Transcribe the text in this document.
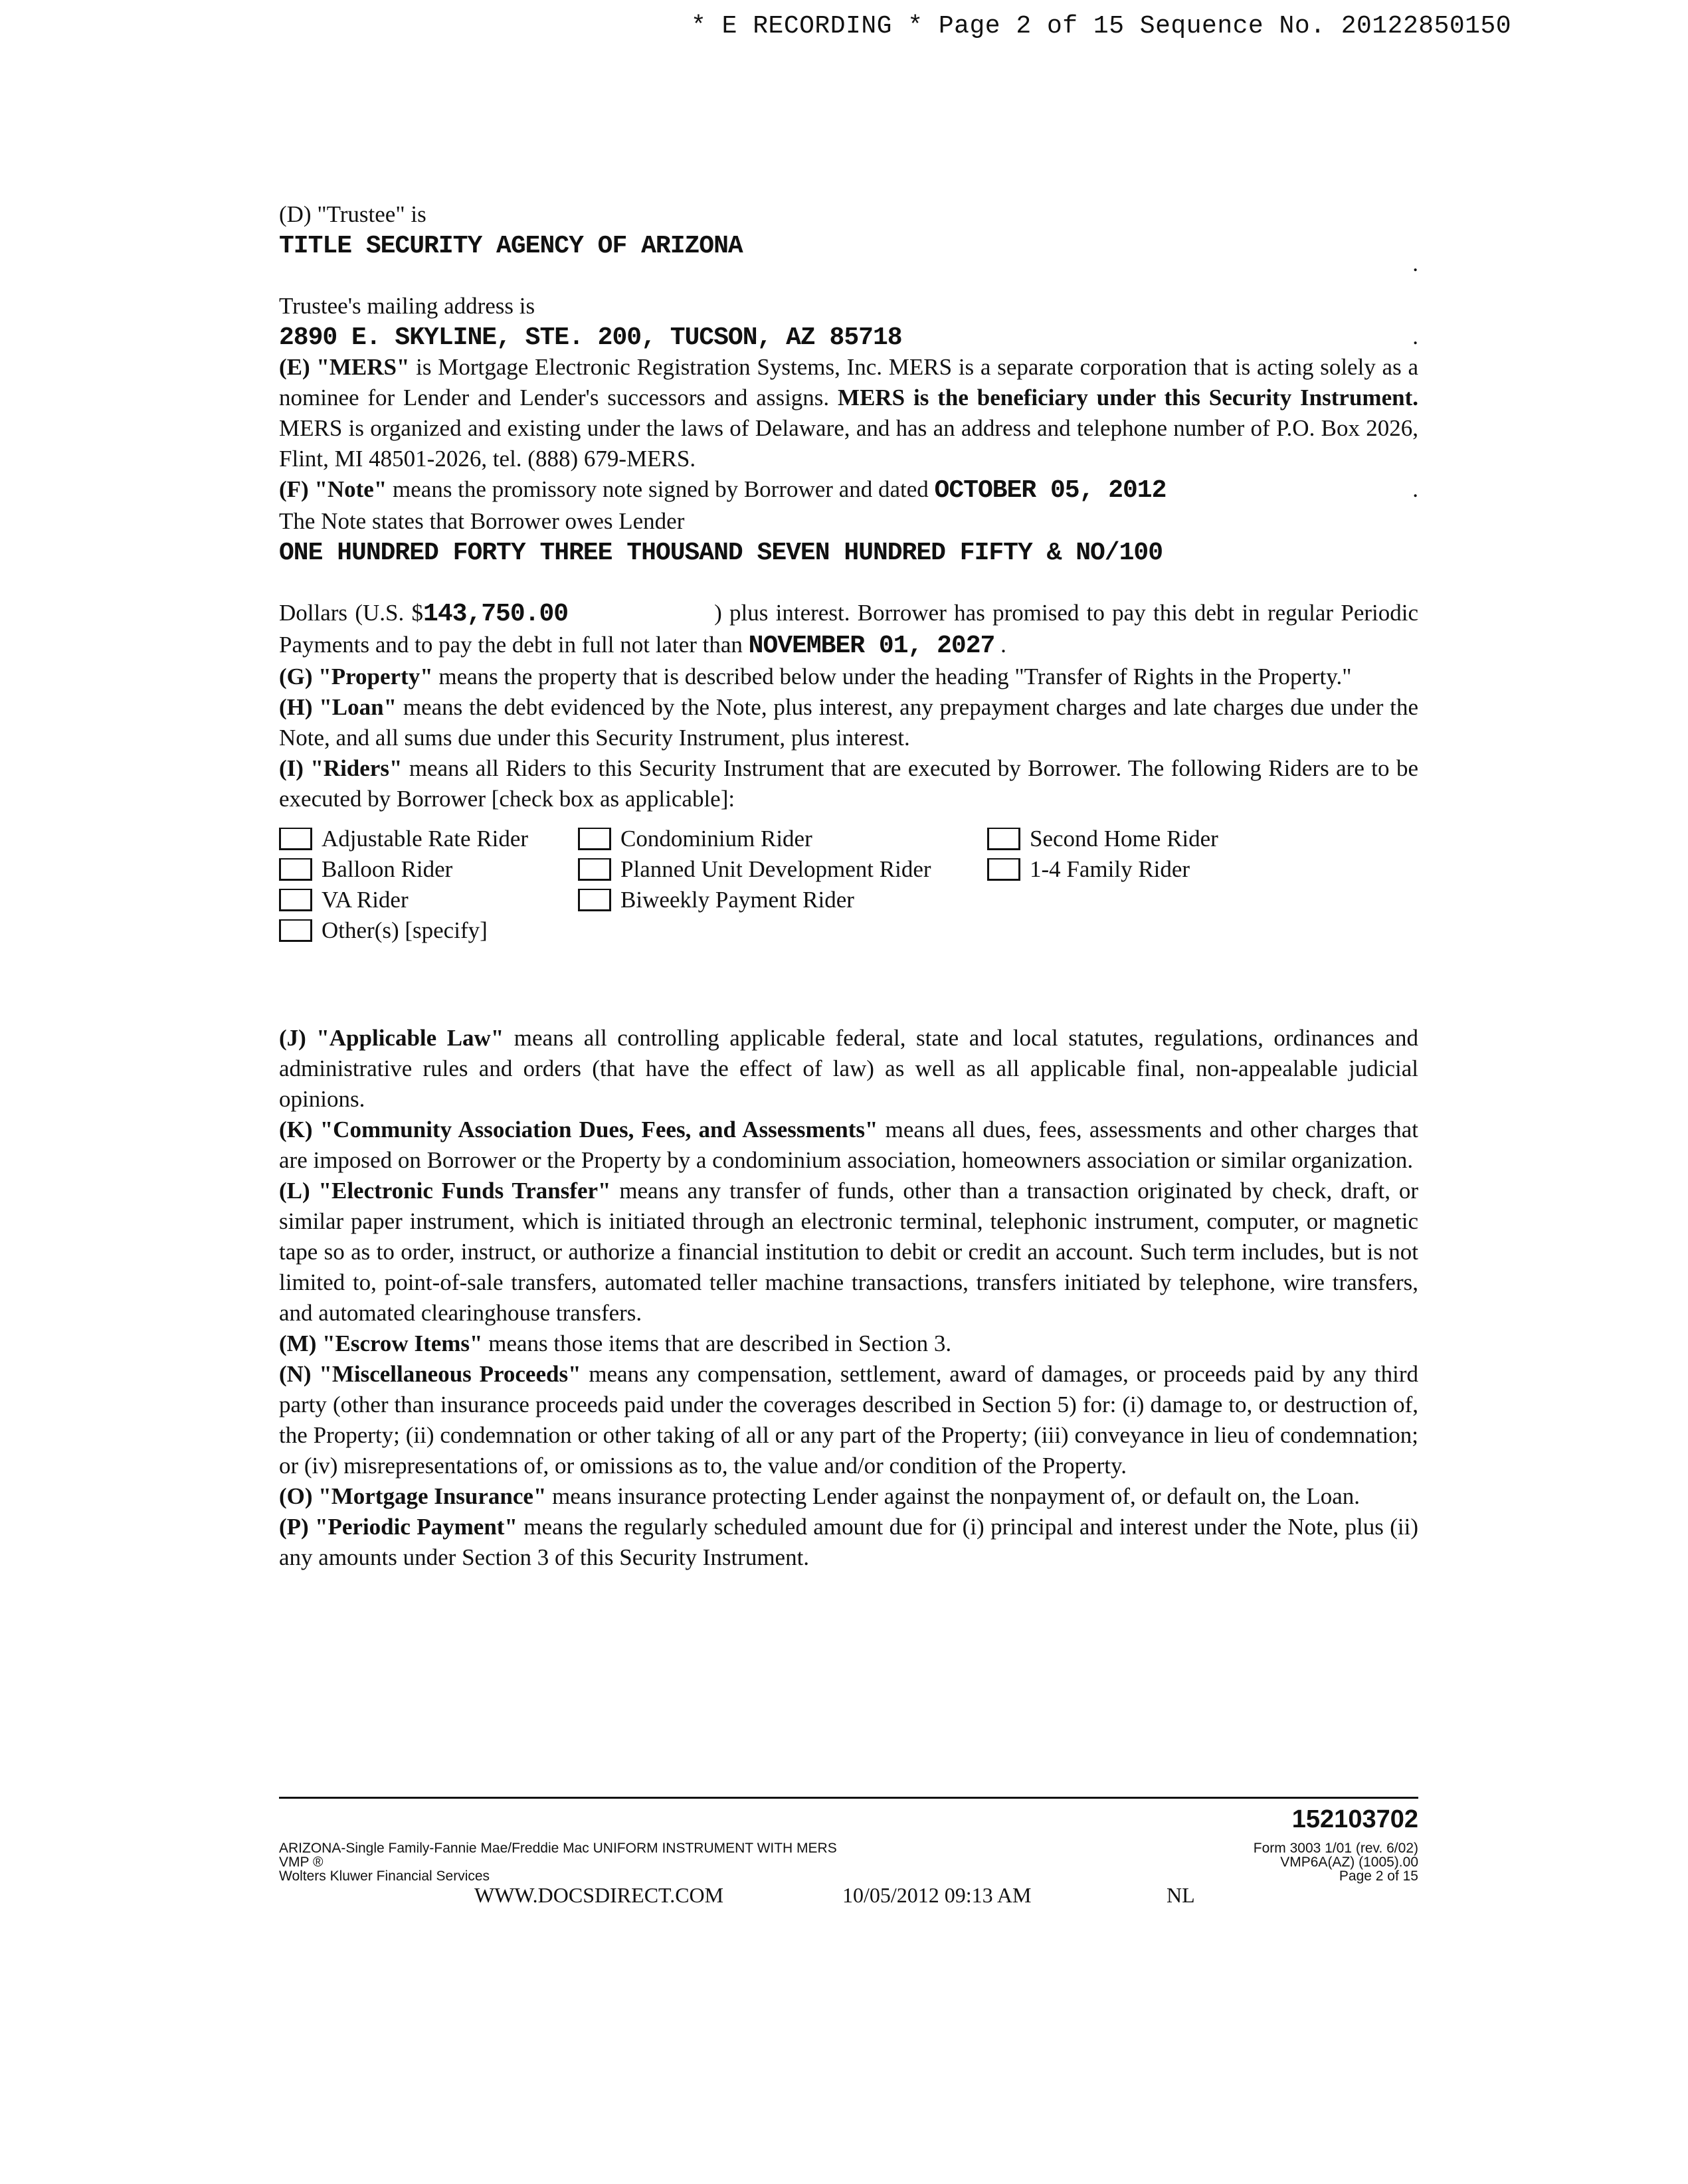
* E RECORDING * Page 2 of 15 Sequence No. 20122850150
(D) "Trustee" is
TITLE SECURITY AGENCY OF ARIZONA
.
Trustee's mailing address is
2890 E. SKYLINE, STE. 200, TUCSON, AZ 85718	.
(E) "MERS" is Mortgage Electronic Registration Systems, Inc. MERS is a separate corporation that is acting solely as a nominee for Lender and Lender's successors and assigns. MERS is the beneficiary under this Security Instrument. MERS is organized and existing under the laws of Delaware, and has an address and telephone number of P.O. Box 2026, Flint, MI 48501-2026, tel. (888) 679-MERS.
(F) "Note" means the promissory note signed by Borrower and dated OCTOBER 05, 2012	.
The Note states that Borrower owes Lender
ONE HUNDRED FORTY THREE THOUSAND SEVEN HUNDRED FIFTY & NO/100
Dollars (U.S. $143,750.00	) plus interest. Borrower has promised to pay this debt in regular Periodic Payments and to pay the debt in full not later than NOVEMBER 01, 2027 .
(G) "Property" means the property that is described below under the heading "Transfer of Rights in the Property."
(H) "Loan" means the debt evidenced by the Note, plus interest, any prepayment charges and late charges due under the Note, and all sums due under this Security Instrument, plus interest.
(I) "Riders" means all Riders to this Security Instrument that are executed by Borrower. The following Riders are to be executed by Borrower [check box as applicable]:
Adjustable Rate Rider	Condominium Rider	Second Home Rider
Balloon Rider	Planned Unit Development Rider	1-4 Family Rider
VA Rider	Biweekly Payment Rider
Other(s) [specify]
(J) "Applicable Law" means all controlling applicable federal, state and local statutes, regulations, ordinances and administrative rules and orders (that have the effect of law) as well as all applicable final, non-appealable judicial opinions.
(K) "Community Association Dues, Fees, and Assessments" means all dues, fees, assessments and other charges that are imposed on Borrower or the Property by a condominium association, homeowners association or similar organization.
(L) "Electronic Funds Transfer" means any transfer of funds, other than a transaction originated by check, draft, or similar paper instrument, which is initiated through an electronic terminal, telephonic instrument, computer, or magnetic tape so as to order, instruct, or authorize a financial institution to debit or credit an account. Such term includes, but is not limited to, point-of-sale transfers, automated teller machine transactions, transfers initiated by telephone, wire transfers, and automated clearinghouse transfers.
(M) "Escrow Items" means those items that are described in Section 3.
(N) "Miscellaneous Proceeds" means any compensation, settlement, award of damages, or proceeds paid by any third party (other than insurance proceeds paid under the coverages described in Section 5) for: (i) damage to, or destruction of, the Property; (ii) condemnation or other taking of all or any part of the Property; (iii) conveyance in lieu of condemnation; or (iv) misrepresentations of, or omissions as to, the value and/or condition of the Property.
(O) "Mortgage Insurance" means insurance protecting Lender against the nonpayment of, or default on, the Loan.
(P) "Periodic Payment" means the regularly scheduled amount due for (i) principal and interest under the Note, plus (ii) any amounts under Section 3 of this Security Instrument.
152103702
ARIZONA-Single Family-Fannie Mae/Freddie Mac UNIFORM INSTRUMENT WITH MERS
VMP ®
Wolters Kluwer Financial Services
Form 3003 1/01 (rev. 6/02)
VMP6A(AZ) (1005).00
Page 2 of 15
WWW.DOCSDIRECT.COM	10/05/2012 09:13 AM	NL
